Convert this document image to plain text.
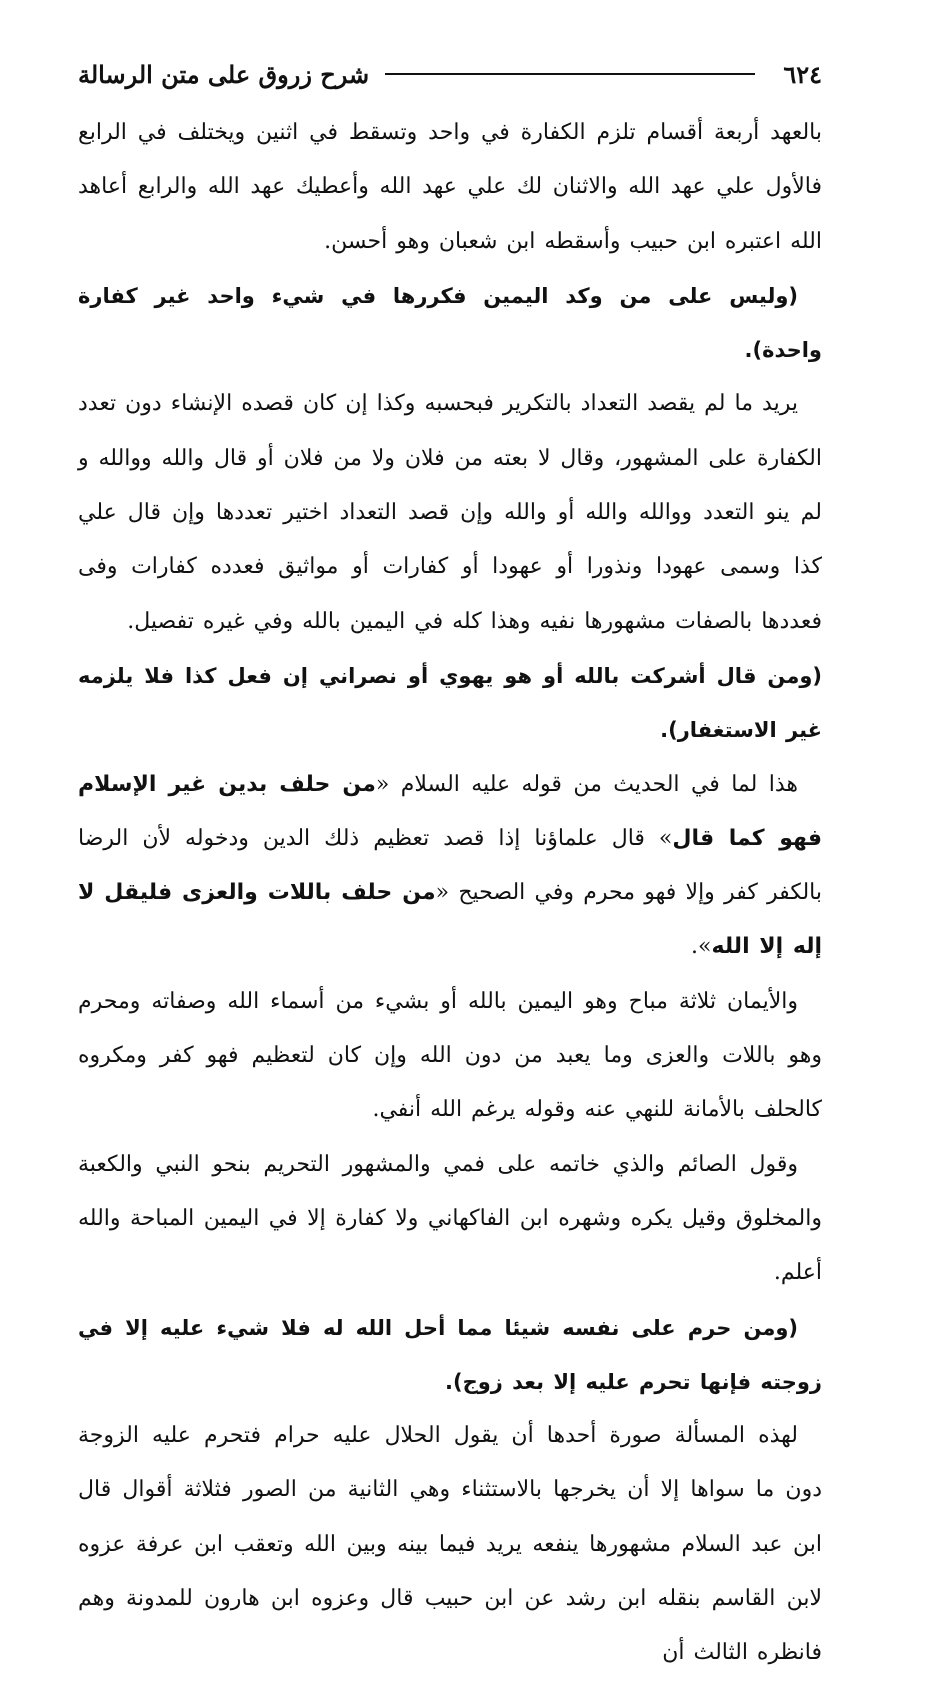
٦٢٤
شرح زروق على متن الرسالة

بالعهد أربعة أقسام تلزم الكفارة في واحد وتسقط في اثنين ويختلف في الرابع فالأول علي عهد الله والاثنان لك علي عهد الله وأعطيك عهد الله والرابع أعاهد الله اعتبره ابن حبيب وأسقطه ابن شعبان وهو أحسن.

(وليس على من وكد اليمين فكررها في شيء واحد غير كفارة واحدة).

يريد ما لم يقصد التعداد بالتكرير فبحسبه وكذا إن كان قصده الإنشاء دون تعدد الكفارة على المشهور، وقال لا بعته من فلان ولا من فلان أو قال والله ووالله و لم ينو التعدد ووالله والله أو والله وإن قصد التعداد اختير تعددها وإن قال علي كذا وسمى عهودا ونذورا أو عهودا أو كفارات أو مواثيق فعدده كفارات وفى فعددها بالصفات مشهورها نفيه وهذا كله في اليمين بالله وفي غيره تفصيل.

(ومن قال أشركت بالله أو هو يهوي أو نصراني إن فعل كذا فلا يلزمه غير الاستغفار).

هذا لما في الحديث من قوله عليه السلام «من حلف بدين غير الإسلام فهو كما قال» قال علماؤنا إذا قصد تعظيم ذلك الدين ودخوله لأن الرضا بالكفر كفر وإلا فهو محرم وفي الصحيح «من حلف باللات والعزى فليقل لا إله إلا الله».

والأيمان ثلاثة مباح وهو اليمين بالله أو بشيء من أسماء الله وصفاته ومحرم وهو باللات والعزى وما يعبد من دون الله وإن كان لتعظيم فهو كفر ومكروه كالحلف بالأمانة للنهي عنه وقوله يرغم الله أنفي.

وقول الصائم والذي خاتمه على فمي والمشهور التحريم بنحو النبي والكعبة والمخلوق وقيل يكره وشهره ابن الفاكهاني ولا كفارة إلا في اليمين المباحة والله أعلم.

(ومن حرم على نفسه شيئا مما أحل الله له فلا شيء عليه إلا في زوجته فإنها تحرم عليه إلا بعد زوج).

لهذه المسألة صورة أحدها أن يقول الحلال عليه حرام فتحرم عليه الزوجة دون ما سواها إلا أن يخرجها بالاستثناء وهي الثانية من الصور فثلاثة أقوال قال ابن عبد السلام مشهورها ينفعه يريد فيما بينه وبين الله وتعقب ابن عرفة عزوه لابن القاسم بنقله ابن رشد عن ابن حبيب قال وعزوه ابن هارون للمدونة وهم فانظره الثالث أن
